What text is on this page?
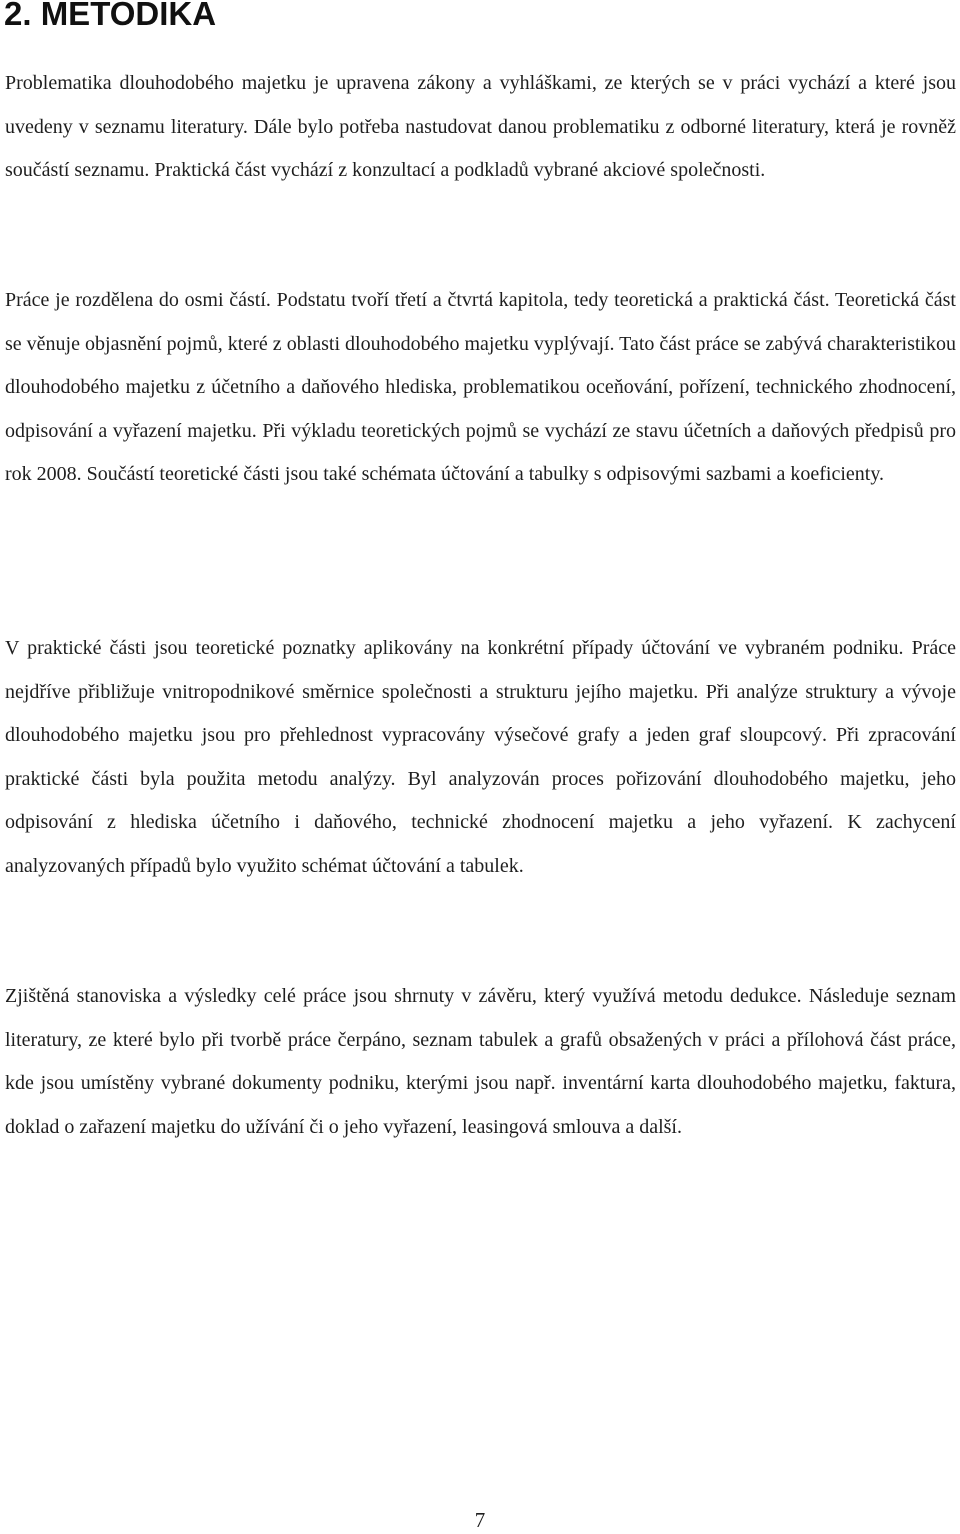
2. METODIKA

Problematika dlouhodobého majetku je upravena zákony a vyhláškami, ze kterých se v práci vychází a které jsou uvedeny v seznamu literatury. Dále bylo potřeba nastudovat danou problematiku z odborné literatury, která je rovněž součástí seznamu. Praktická část vychází z konzultací a podkladů vybrané akciové společnosti.

Práce je rozdělena do osmi částí. Podstatu tvoří třetí a čtvrtá kapitola, tedy teoretická a praktická část. Teoretická část se věnuje objasnění pojmů, které z oblasti dlouhodobého majetku vyplývají. Tato část práce se zabývá charakteristikou dlouhodobého majetku z účetního a daňového hlediska, problematikou oceňování, pořízení, technického zhodnocení, odpisování a vyřazení majetku. Při výkladu teoretických pojmů se vychází ze stavu účetních a daňových předpisů pro rok 2008. Součástí teoretické části jsou také schémata účtování a tabulky s odpisovými sazbami a koeficienty.

V praktické části jsou teoretické poznatky aplikovány na konkrétní případy účtování ve vybraném podniku. Práce nejdříve přibližuje vnitropodnikové směrnice společnosti a strukturu jejího majetku. Při analýze struktury a vývoje dlouhodobého majetku jsou pro přehlednost vypracovány výsečové grafy a jeden graf sloupcový. Při zpracování praktické části byla použita metodu analýzy. Byl analyzován proces pořizování dlouhodobého majetku, jeho odpisování z hlediska účetního i daňového, technické zhodnocení majetku a jeho vyřazení. K zachycení analyzovaných případů bylo využito schémat účtování a tabulek.

Zjištěná stanoviska a výsledky celé práce jsou shrnuty v závěru, který využívá metodu dedukce. Následuje seznam literatury, ze které bylo při tvorbě práce čerpáno, seznam tabulek a grafů obsažených v práci a přílohová část práce, kde jsou umístěny vybrané dokumenty podniku, kterými jsou např. inventární karta dlouhodobého majetku, faktura, doklad o zařazení majetku do užívání či o jeho vyřazení, leasingová smlouva a další.

7
